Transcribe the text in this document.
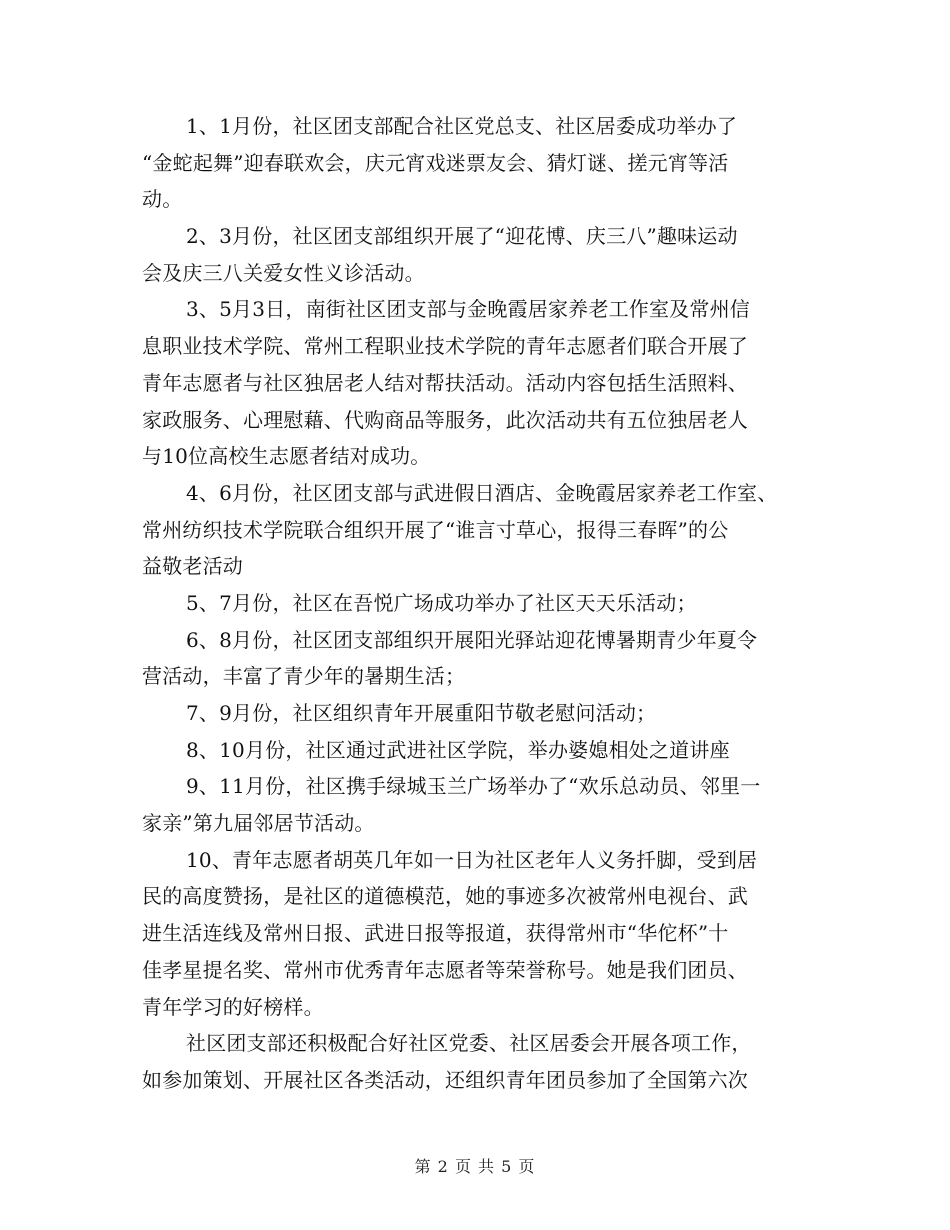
1、1月份，社区团支部配合社区党总支、社区居委成功举办了
“金蛇起舞”迎春联欢会，庆元宵戏迷票友会、猜灯谜、搓元宵等活
动。
2、3月份，社区团支部组织开展了“迎花博、庆三八”趣味运动
会及庆三八关爱女性义诊活动。
3、5月3日，南街社区团支部与金晚霞居家养老工作室及常州信
息职业技术学院、常州工程职业技术学院的青年志愿者们联合开展了
青年志愿者与社区独居老人结对帮扶活动。活动内容包括生活照料、
家政服务、心理慰藉、代购商品等服务，此次活动共有五位独居老人
与10位高校生志愿者结对成功。
4、6月份，社区团支部与武进假日酒店、金晚霞居家养老工作室、
常州纺织技术学院联合组织开展了“谁言寸草心，报得三春晖”的公
益敬老活动
5、7月份，社区在吾悦广场成功举办了社区天天乐活动；
6、8月份，社区团支部组织开展阳光驿站迎花博暑期青少年夏令
营活动，丰富了青少年的暑期生活；
7、9月份，社区组织青年开展重阳节敬老慰问活动；
8、10月份，社区通过武进社区学院，举办婆媳相处之道讲座
9、11月份，社区携手绿城玉兰广场举办了“欢乐总动员、邻里一
家亲”第九届邻居节活动。
10、青年志愿者胡英几年如一日为社区老年人义务扦脚，受到居
民的高度赞扬，是社区的道德模范，她的事迹多次被常州电视台、武
进生活连线及常州日报、武进日报等报道，获得常州市“华佗杯”十
佳孝星提名奖、常州市优秀青年志愿者等荣誉称号。她是我们团员、
青年学习的好榜样。
社区团支部还积极配合好社区党委、社区居委会开展各项工作，
如参加策划、开展社区各类活动，还组织青年团员参加了全国第六次
第 2 页 共 5 页
